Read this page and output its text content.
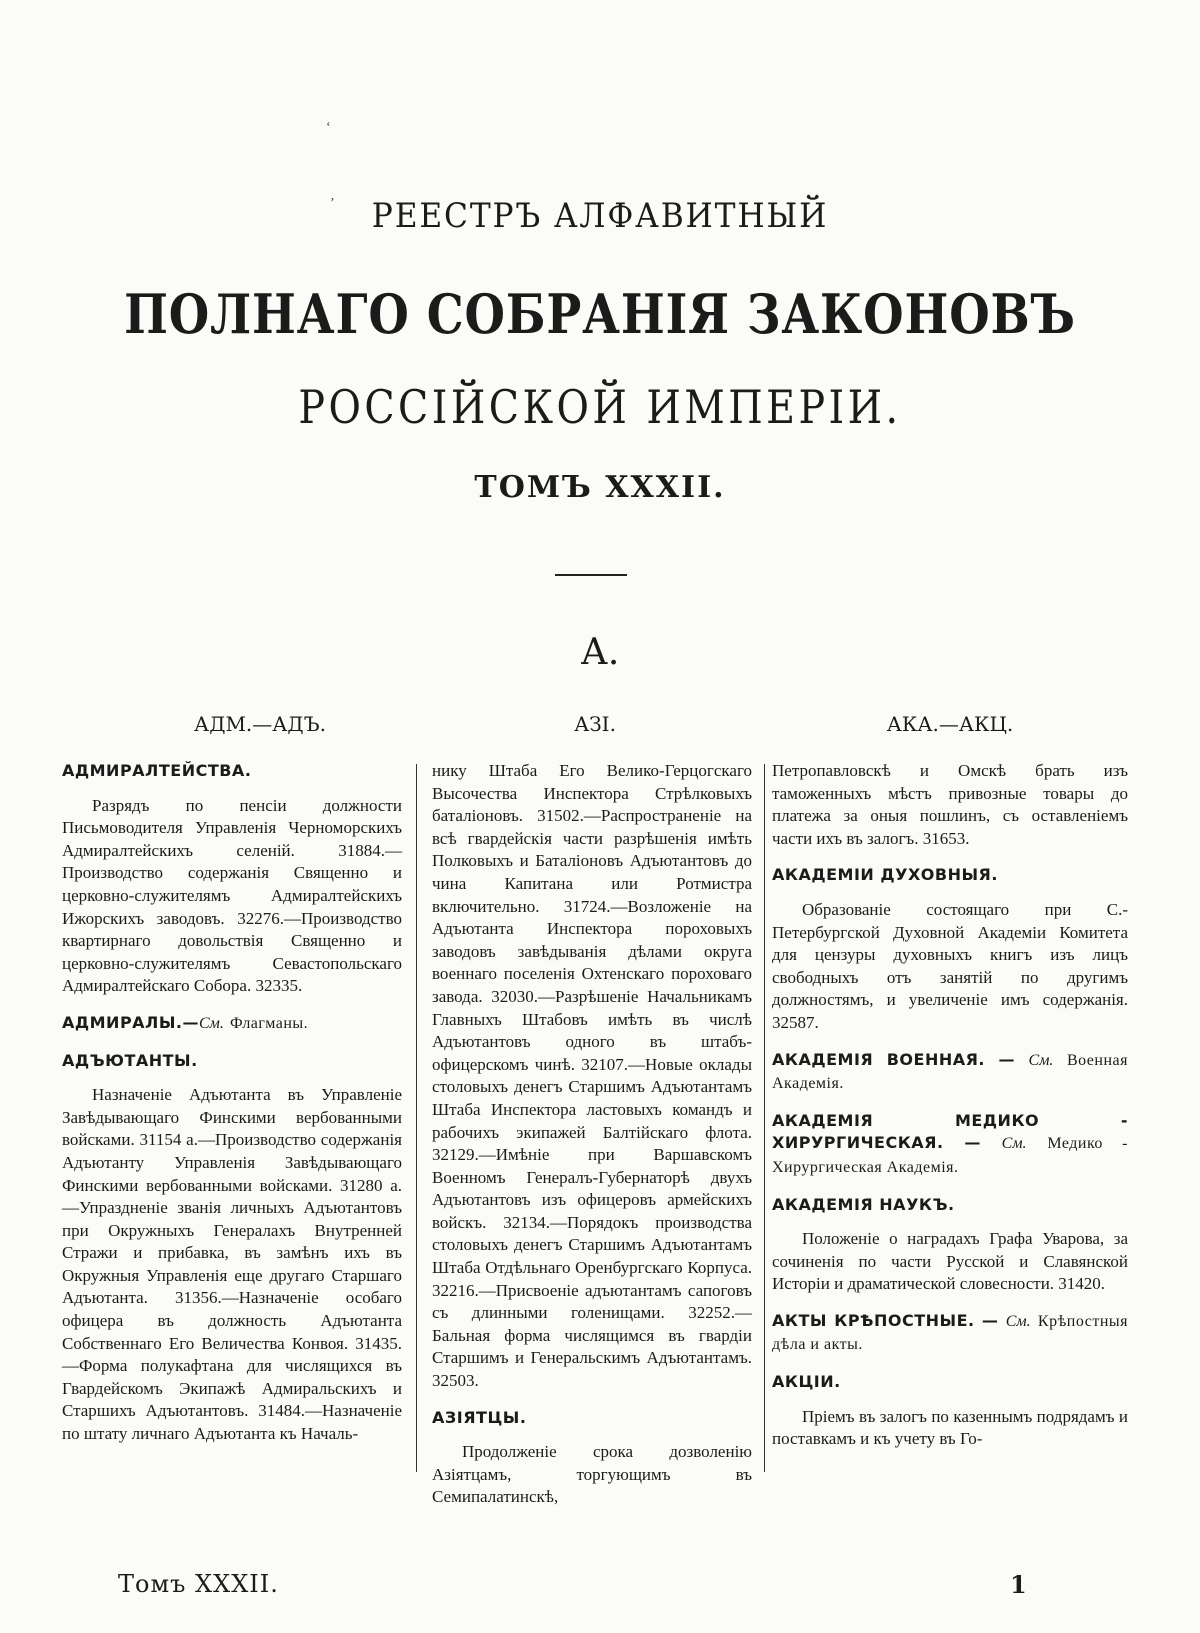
‘
’	РЕЕСТРЪ АЛФАВИТНЫЙ
ПОЛНАГО СОБРАНІЯ ЗАКОНОВЪ
РОССІЙСКОЙ ИМПЕРІИ.
ТОМЪ XXXII.
А.
АДМ.—АДЪ.	АЗІ.	АКА.—АКЦ.
АДМИРАЛТЕЙСТВА.

Разрядъ по пенсіи должности Письмоводителя Управленія Черноморскихъ Адмиралтейскихъ селеній. 31884.—Производство содержанія Священно и церковно-служителямъ Адмиралтейскихъ Ижорскихъ заводовъ. 32276.—Производство квартирнаго довольствія Священно и церковно-служителямъ Севастопольскаго Адмиралтейскаго Собора. 32335.

АДМИРАЛЫ.—См. Флагманы.
АДЪЮТАНТЫ.

Назначеніе Адъютанта въ Управленіе Завѣдывающаго Финскими вербованными войсками. 31154 а.—Производство содержанія Адъютанту Управленія Завѣдывающаго Финскими вербованными войсками. 31280 а.—Упраздненіе званія личныхъ Адъютантовъ при Окружныхъ Генералахъ Внутренней Стражи и прибавка, въ замѣнъ ихъ въ Окружныя Управленія еще другаго Старшаго Адъютанта. 31356.—Назначеніе особаго офицера въ должность Адъютанта Собственнаго Его Величества Конвоя. 31435.—Форма полукафтана для числящихся въ Гвардейскомъ Экипажѣ Адмиральскихъ и Старшихъ Адъютантовъ. 31484.—Назначеніе по штату личнаго Адъютанта къ Началь-

нику Штаба Его Велико-Герцогскаго Высочества Инспектора Стрѣлковыхъ баталіоновъ. 31502.—Распространеніе на всѣ гвардейскія части разрѣшенія имѣть Полковыхъ и Баталіоновъ Адъютантовъ до чина Капитана или Ротмистра включительно. 31724.—Возложеніе на Адъютанта Инспектора пороховыхъ заводовъ завѣдыванія дѣлами округа военнаго поселенія Охтенскаго пороховаго завода. 32030.—Разрѣшеніе Начальникамъ Главныхъ Штабовъ имѣть въ числѣ Адъютантовъ одного въ штабъ-офицерскомъ чинѣ. 32107.—Новые оклады столовыхъ денегъ Старшимъ Адъютантамъ Штаба Инспектора ластовыхъ командъ и рабочихъ экипажей Балтійскаго флота. 32129.—Имѣніе при Варшавскомъ Военномъ Генералъ-Губернаторѣ двухъ Адъютантовъ изъ офицеровъ армейскихъ войскъ. 32134.—Порядокъ производства столовыхъ денегъ Старшимъ Адъютантамъ Штаба Отдѣльнаго Оренбургскаго Корпуса. 32216.—Присвоеніе адъютантамъ сапоговъ съ длинными голенищами. 32252.—Бальная форма числящимся въ гвардіи Старшимъ и Генеральскимъ Адъютантамъ. 32503.

АЗІЯТЦЫ.

Продолженіе срока дозволенію Азіятцамъ, торгующимъ въ Семипалатинскѣ,

Петропавловскѣ и Омскѣ брать изъ таможенныхъ мѣстъ привозные товары до платежа за оныя пошлинъ, съ оставленіемъ части ихъ въ залогъ. 31653.

АКАДЕМІИ ДУХОВНЫЯ.

Образованіе состоящаго при С.-Петербургской Духовной Академіи Комитета для цензуры духовныхъ книгъ изъ лицъ свободныхъ отъ занятій по другимъ должностямъ, и увеличеніе имъ содержанія. 32587.

АКАДЕМІЯ ВОЕННАЯ. — См. Военная Академія.
АКАДЕМІЯ МЕДИКО - ХИРУРГИЧЕСКАЯ. — См. Медико - Хирургическая Академія.
АКАДЕМІЯ НАУКЪ.

Положеніе о наградахъ Графа Уварова, за сочиненія по части Русской и Славянской Исторіи и драматической словесности. 31420.

АКТЫ КРѢПОСТНЫЕ. — См. Крѣпостныя дѣла и акты.
АКЦІИ.

Пріемъ въ залогъ по казеннымъ подрядамъ и поставкамъ и къ учету въ Го-

Томъ XXXII.	1
